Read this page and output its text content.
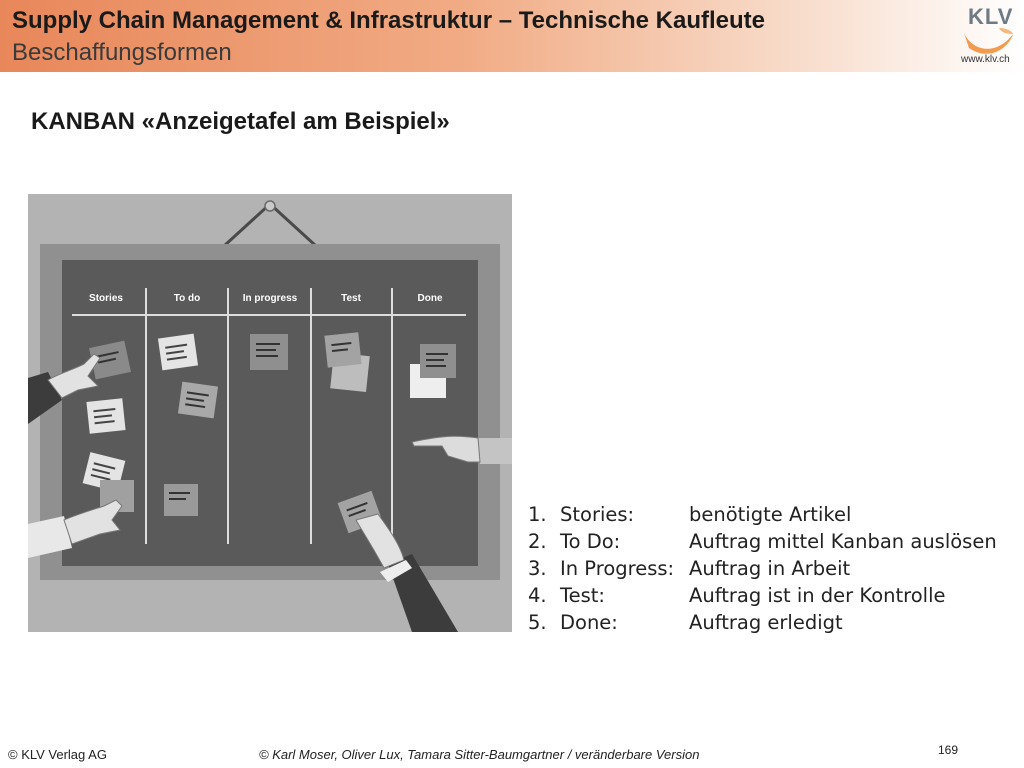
Supply Chain Management & Infrastruktur – Technische Kaufleute
Beschaffungsformen
KLV
www.klv.ch
KANBAN «Anzeigetafel am Beispiel»
Stories	To do	In progress	Test	Done
1. Stories:	benötigte Artikel
2. To Do:	Auftrag mittel Kanban auslösen
3. In Progress: Auftrag in Arbeit
4. Test:	Auftrag ist in der Kontrolle
5. Done:	Auftrag erledigt
© KLV Verlag AG	© Karl Moser, Oliver Lux, Tamara Sitter-Baumgartner / veränderbare Version	169
